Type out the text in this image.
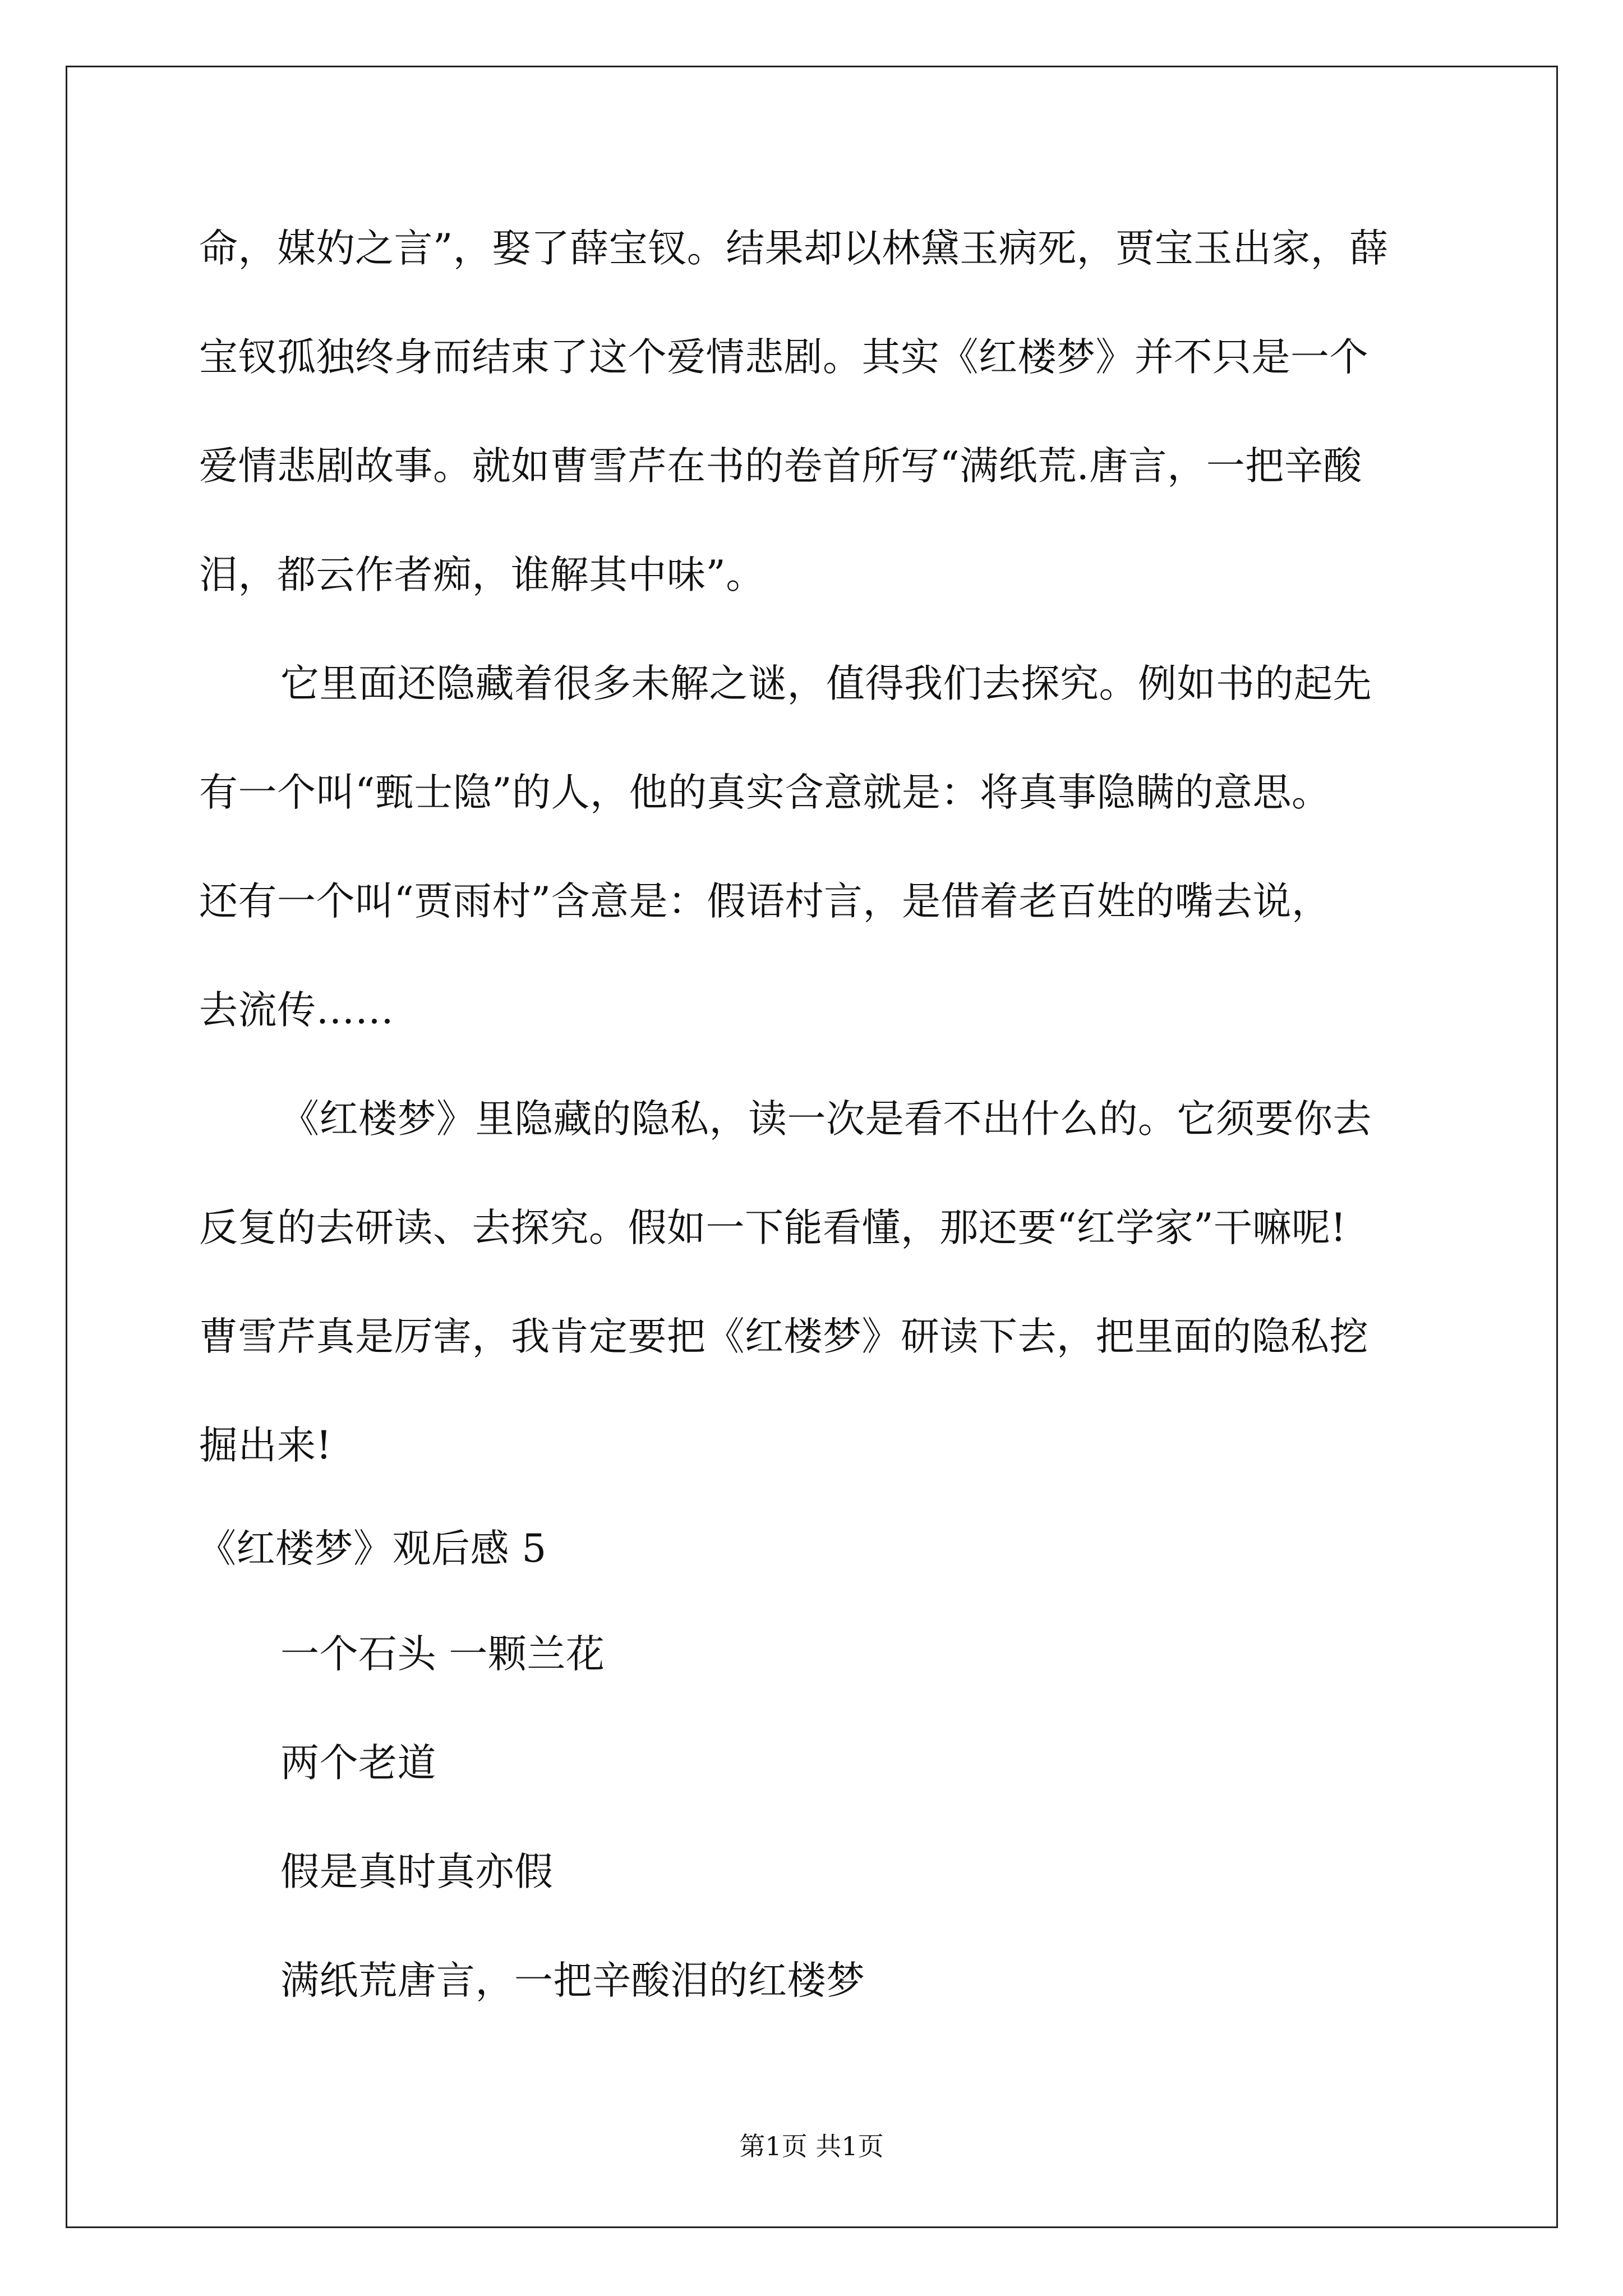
命，媒妁之言”，娶了薛宝钗。结果却以林黛玉病死，贾宝玉出家，薛
宝钗孤独终身而结束了这个爱情悲剧。其实《红楼梦》并不只是一个
爱情悲剧故事。就如曹雪芹在书的卷首所写“满纸荒.唐言，一把辛酸
泪，都云作者痴，谁解其中味”。
它里面还隐藏着很多未解之谜，值得我们去探究。例如书的起先
有一个叫“甄士隐”的人，他的真实含意就是：将真事隐瞒的意思。
还有一个叫“贾雨村”含意是：假语村言，是借着老百姓的嘴去说，
去流传……
《红楼梦》里隐藏的隐私，读一次是看不出什么的。它须要你去
反复的去研读、去探究。假如一下能看懂，那还要“红学家”干嘛呢!
曹雪芹真是厉害，我肯定要把《红楼梦》研读下去，把里面的隐私挖
掘出来!
《红楼梦》观后感 5
一个石头 一颗兰花
两个老道
假是真时真亦假
满纸荒唐言，一把辛酸泪的红楼梦
第1页 共1页
